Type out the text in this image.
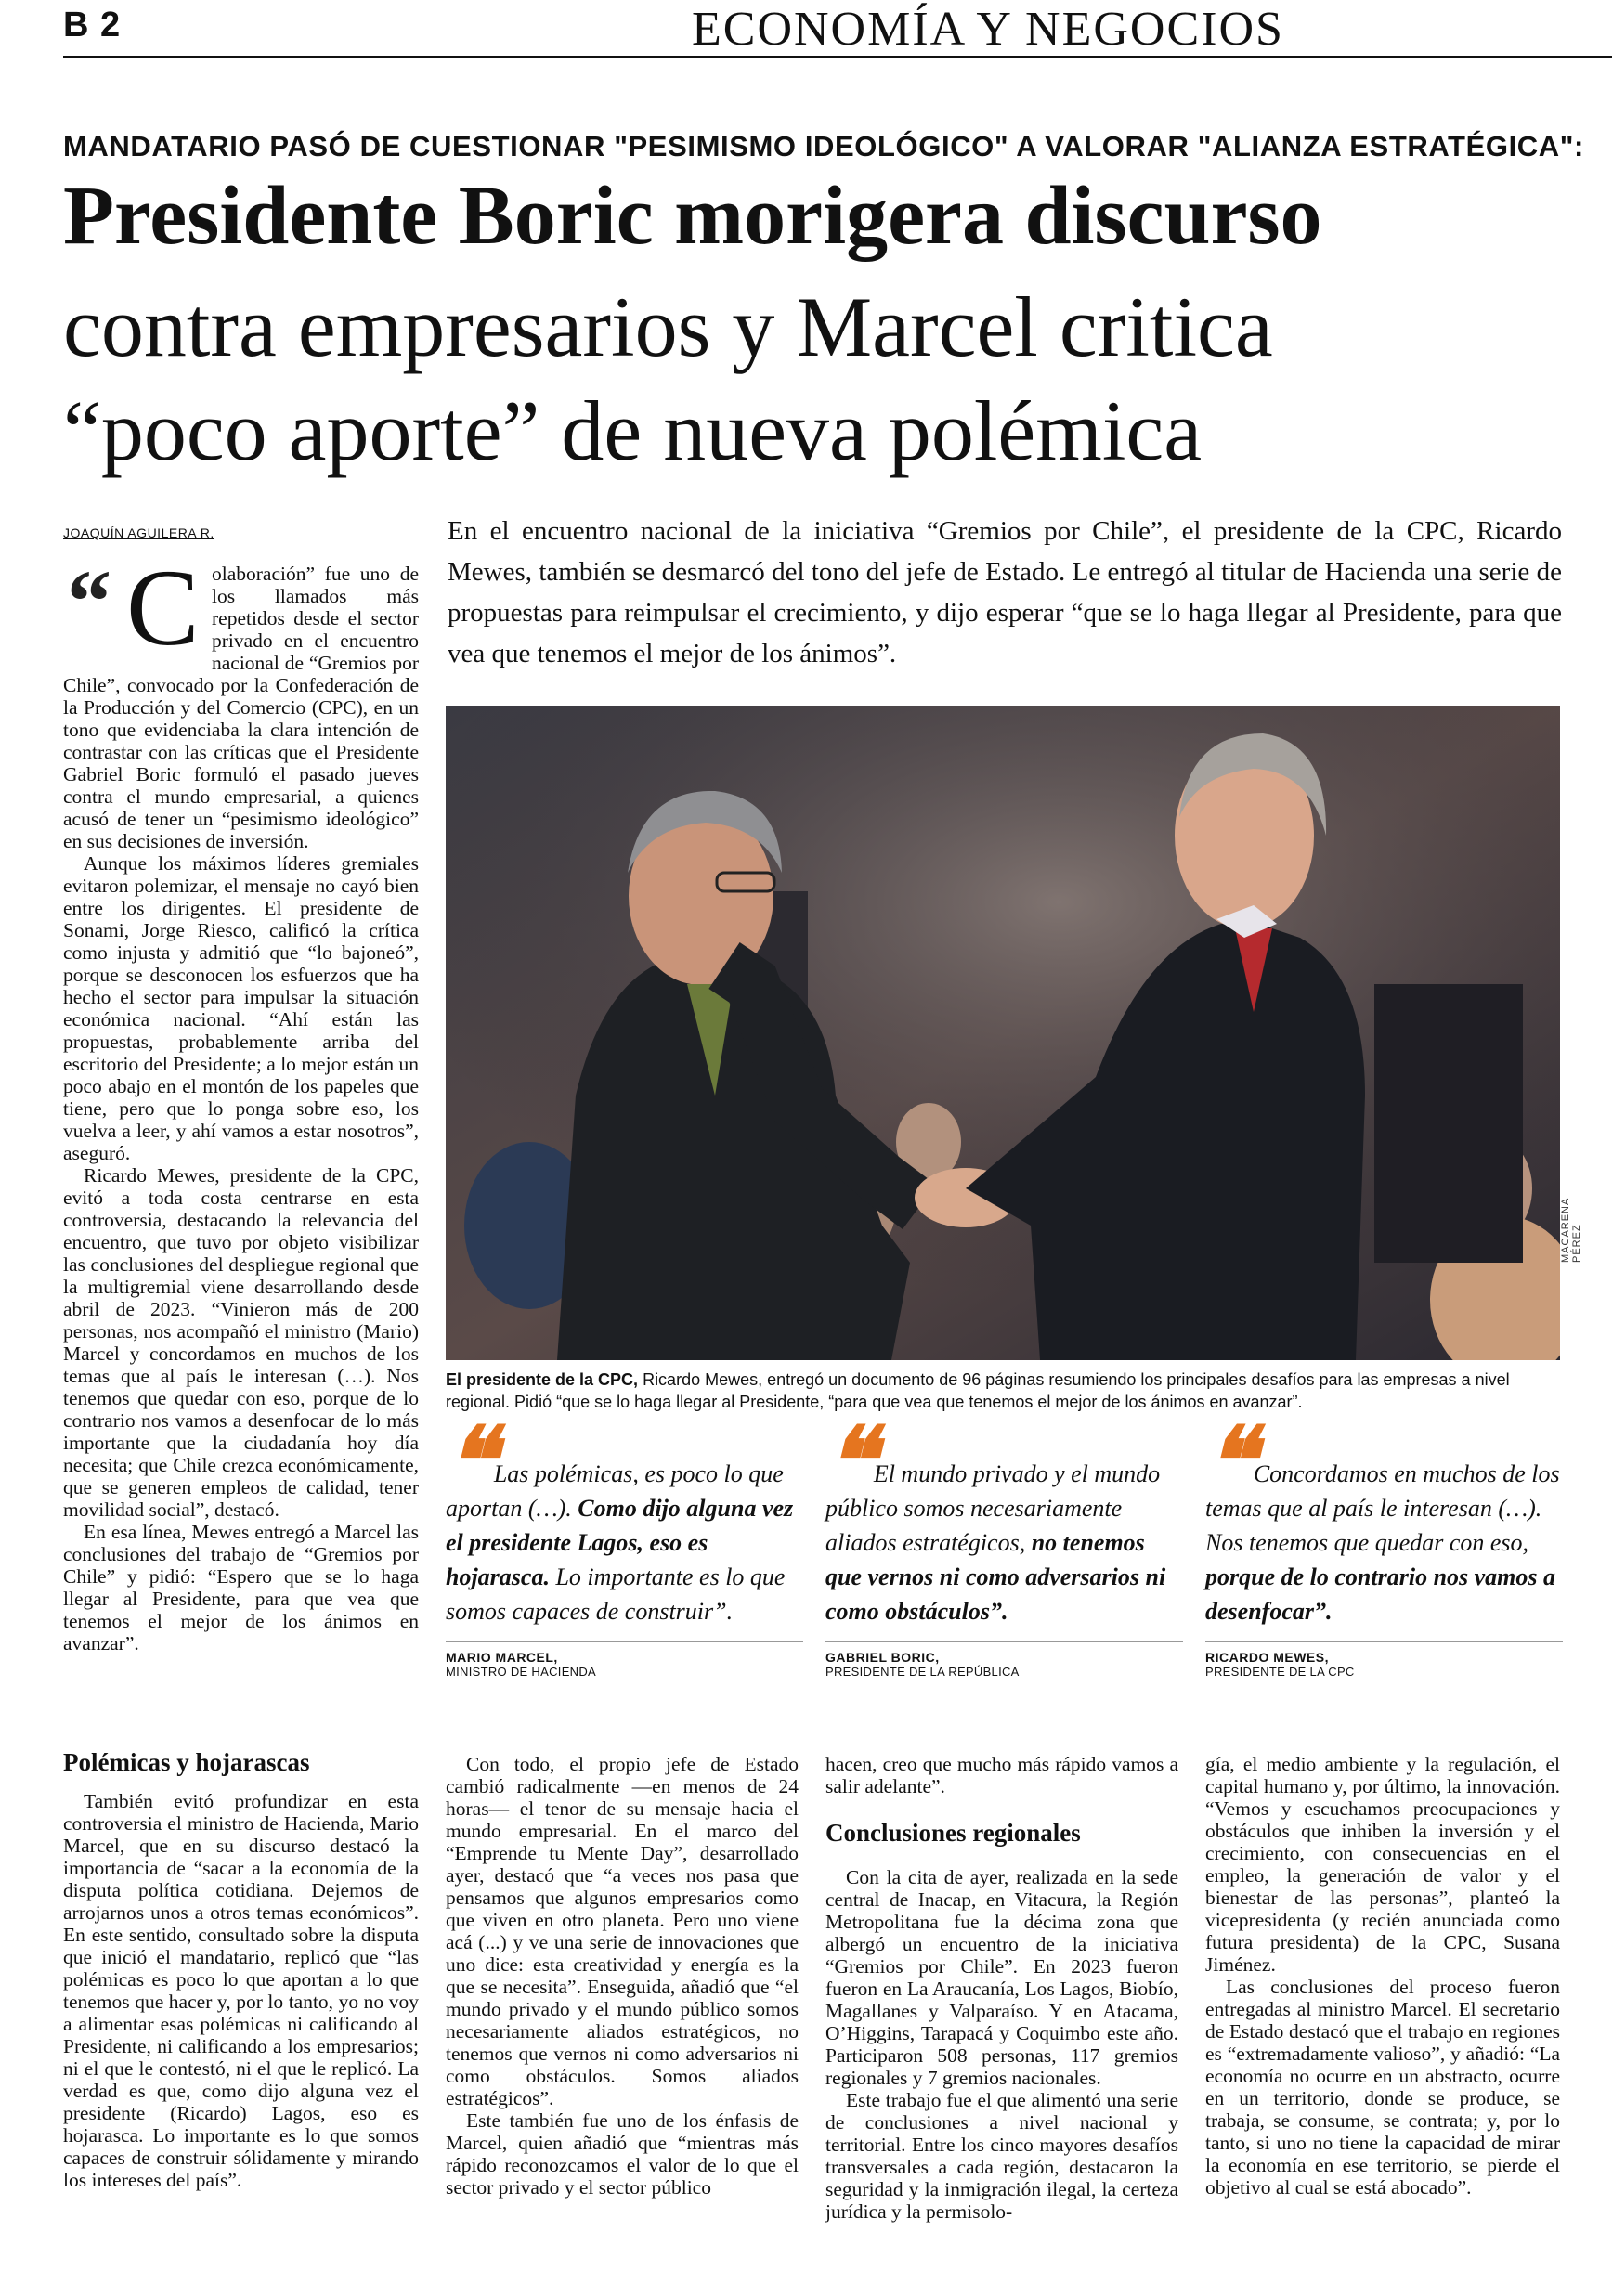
B 2	ECONOMÍA Y NEGOCIOS
MANDATARIO PASÓ DE CUESTIONAR "PESIMISMO IDEOLÓGICO" A VALORAR "ALIANZA ESTRATÉGICA":
Presidente Boric morigera discurso
contra empresarios y Marcel critica
“poco aporte” de nueva polémica
JOAQUÍN AGUILERA R.	En el encuentro nacional de la iniciativa “Gremios por Chile”, el presidente de la CPC, Ricardo Mewes, también se desmarcó del tono del jefe de Estado. Le entregó al titular de Hacienda una serie de propuestas para reimpulsar el crecimiento, y dijo esperar “que se lo haga llegar al Presidente, para que vea que tenemos el mejor de los ánimos”.
“ C olaboración” fue uno de los llamados más repetidos desde el sector privado en el encuentro nacional de “Gremios por Chile”, convocado por la Confederación de la Producción y del Comercio (CPC), en un tono que evidenciaba la clara intención de contrastar con las críticas que el Presidente Gabriel Boric formuló el pasado jueves contra el mundo empresarial, a quienes acusó de tener un “pesimismo ideológico” en sus decisiones de inversión.

Aunque los máximos líderes gremiales evitaron polemizar, el mensaje no cayó bien entre los dirigentes. El presidente de Sonami, Jorge Riesco, calificó la crítica como injusta y admitió que “lo bajoneó”, porque se desconocen los esfuerzos que ha hecho el sector para impulsar la situación económica nacional. “Ahí están las propuestas, probablemente arriba del escritorio del Presidente; a lo mejor están un poco abajo en el montón de los papeles que tiene, pero que lo ponga sobre eso, los vuelva a leer, y ahí vamos a estar nosotros”, aseguró.

Ricardo Mewes, presidente de la CPC, evitó a toda costa centrarse en esta controversia, destacando la relevancia del encuentro, que tuvo por objeto visibilizar las conclusiones del despliegue regional que la multigremial viene desarrollando desde abril de 2023. “Vinieron más de 200 personas, nos acompañó el ministro (Mario) Marcel y concordamos en muchos de los temas que al país le interesan (…). Nos tenemos que quedar con eso, porque de lo contrario nos vamos a desenfocar de lo más importante que la ciudadanía hoy día necesita; que Chile crezca económicamente, que se generen empleos de calidad, tener movilidad social”, destacó.

En esa línea, Mewes entregó a Marcel las conclusiones del trabajo de “Gremios por Chile” y pidió: “Espero que se lo haga llegar al Presidente, para que vea que tenemos el mejor de los ánimos en avanzar”.

Polémicas y hojarascas

También evitó profundizar en esta controversia el ministro de Hacienda, Mario Marcel, que en su discurso destacó la importancia de “sacar a la economía de la disputa política cotidiana. Dejemos de arrojarnos unos a otros temas económicos”. En este sentido, consultado sobre la disputa que inició el mandatario, replicó que “las polémicas es poco lo que aportan a lo que tenemos que hacer y, por lo tanto, yo no voy a alimentar esas polémicas ni calificando al Presidente, ni calificando a los empresarios; ni el que le contestó, ni el que le replicó. La verdad es que, como dijo alguna vez el presidente (Ricardo) Lagos, eso es hojarasca. Lo importante es lo que somos capaces de construir sólidamente y mirando los intereses del país”.

MACARENA PÉREZ
El presidente de la CPC, Ricardo Mewes, entregó un documento de 96 páginas resumiendo los principales desafíos para las empresas a nivel regional. Pidió “que se lo haga llegar al Presidente, “para que vea que tenemos el mejor de los ánimos en avanzar”.
❝ Las polémicas, es poco lo que aportan (…). Como dijo alguna vez el presidente Lagos, eso es hojarasca. Lo importante es lo que somos capaces de construir”.
MARIO MARCEL,
MINISTRO DE HACIENDA
❝ El mundo privado y el mundo público somos necesariamente aliados estratégicos, no tenemos que vernos ni como adversarios ni como obstáculos”.
GABRIEL BORIC,
PRESIDENTE DE LA REPÚBLICA
❝ Concordamos en muchos de los temas que al país le interesan (…). Nos tenemos que quedar con eso, porque de lo contrario nos vamos a desenfocar”.
RICARDO MEWES,
PRESIDENTE DE LA CPC

Con todo, el propio jefe de Estado cambió radicalmente —en menos de 24 horas— el tenor de su mensaje hacia el mundo empresarial. En el marco del “Emprende tu Mente Day”, desarrollado ayer, destacó que “a veces nos pasa que pensamos que algunos empresarios como que viven en otro planeta. Pero uno viene acá (...) y ve una serie de innovaciones que uno dice: esta creatividad y energía es la que se necesita”. Enseguida, añadió que “el mundo privado y el mundo público somos necesariamente aliados estratégicos, no tenemos que vernos ni como adversarios ni como obstáculos. Somos aliados estratégicos”.

Este también fue uno de los énfasis de Marcel, quien añadió que “mientras más rápido reconozcamos el valor de lo que el sector privado y el sector público

hacen, creo que mucho más rápido vamos a salir adelante”.

Conclusiones regionales

Con la cita de ayer, realizada en la sede central de Inacap, en Vitacura, la Región Metropolitana fue la décima zona que albergó un encuentro de la iniciativa “Gremios por Chile”. En 2023 fueron fueron en La Araucanía, Los Lagos, Biobío, Magallanes y Valparaíso. Y en Atacama, O’Higgins, Tarapacá y Coquimbo este año. Participaron 508 personas, 117 gremios regionales y 7 gremios nacionales.

Este trabajo fue el que alimentó una serie de conclusiones a nivel nacional y territorial. Entre los cinco mayores desafíos transversales a cada región, destacaron la seguridad y la inmigración ilegal, la certeza jurídica y la permisolo-

gía, el medio ambiente y la regulación, el capital humano y, por último, la innovación. “Vemos y escuchamos preocupaciones y obstáculos que inhiben la inversión y el crecimiento, con consecuencias en el empleo, la generación de valor y el bienestar de las personas”, planteó la vicepresidenta (y recién anunciada como futura presidenta) de la CPC, Susana Jiménez.

Las conclusiones del proceso fueron entregadas al ministro Marcel. El secretario de Estado destacó que el trabajo en regiones es “extremadamente valioso”, y añadió: “La economía no ocurre en un abstracto, ocurre en un territorio, donde se produce, se trabaja, se consume, se contrata; y, por lo tanto, si uno no tiene la capacidad de mirar la economía en ese territorio, se pierde el objetivo al cual se está abocado”.
